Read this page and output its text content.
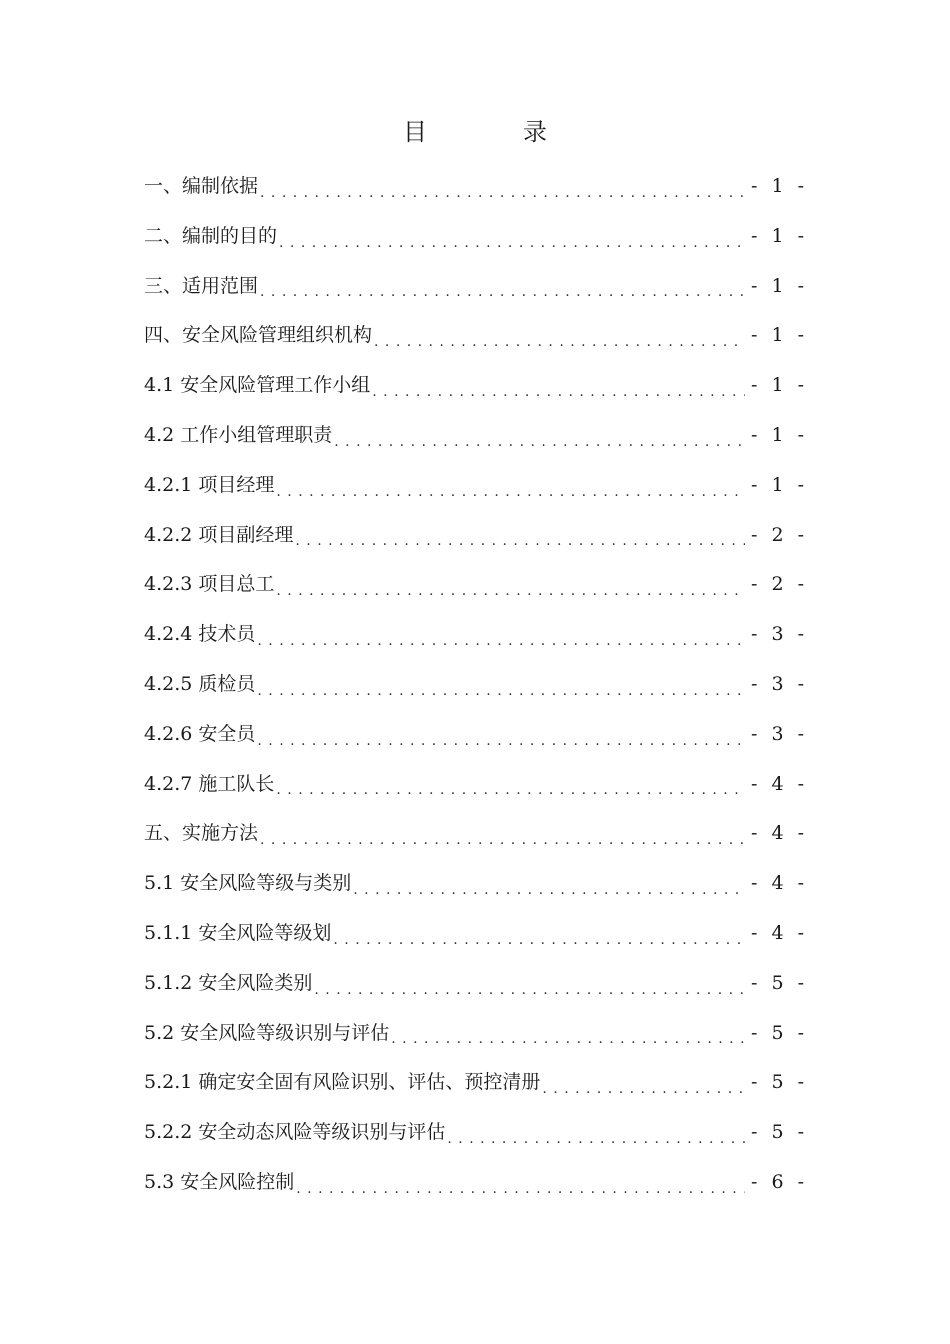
目　录
一、编制依据 . . .	- 1 -
二、编制的目的 . . .	- 1 -
三、适用范围 . . .	- 1 -
四、安全风险管理组织机构 . . .	- 1 -
4.1 安全风险管理工作小组 . . .	- 1 -
4.2 工作小组管理职责 . . .	- 1 -
4.2.1 项目经理 . . .	- 1 -
4.2.2 项目副经理 . . .	- 2 -
4.2.3 项目总工 . . .	- 2 -
4.2.4 技术员 . . .	- 3 -
4.2.5 质检员 . . .	- 3 -
4.2.6 安全员 . . .	- 3 -
4.2.7 施工队长 . . .	- 4 -
五、实施方法 . . .	- 4 -
5.1 安全风险等级与类别 . . .	- 4 -
5.1.1 安全风险等级划 . . .	- 4 -
5.1.2 安全风险类别 . . .	- 5 -
5.2 安全风险等级识别与评估 . . .	- 5 -
5.2.1 确定安全固有风险识别、评估、预控清册 . . .	- 5 -
5.2.2 安全动态风险等级识别与评估 . . .	- 5 -
5.3 安全风险控制 . . .	- 6 -
